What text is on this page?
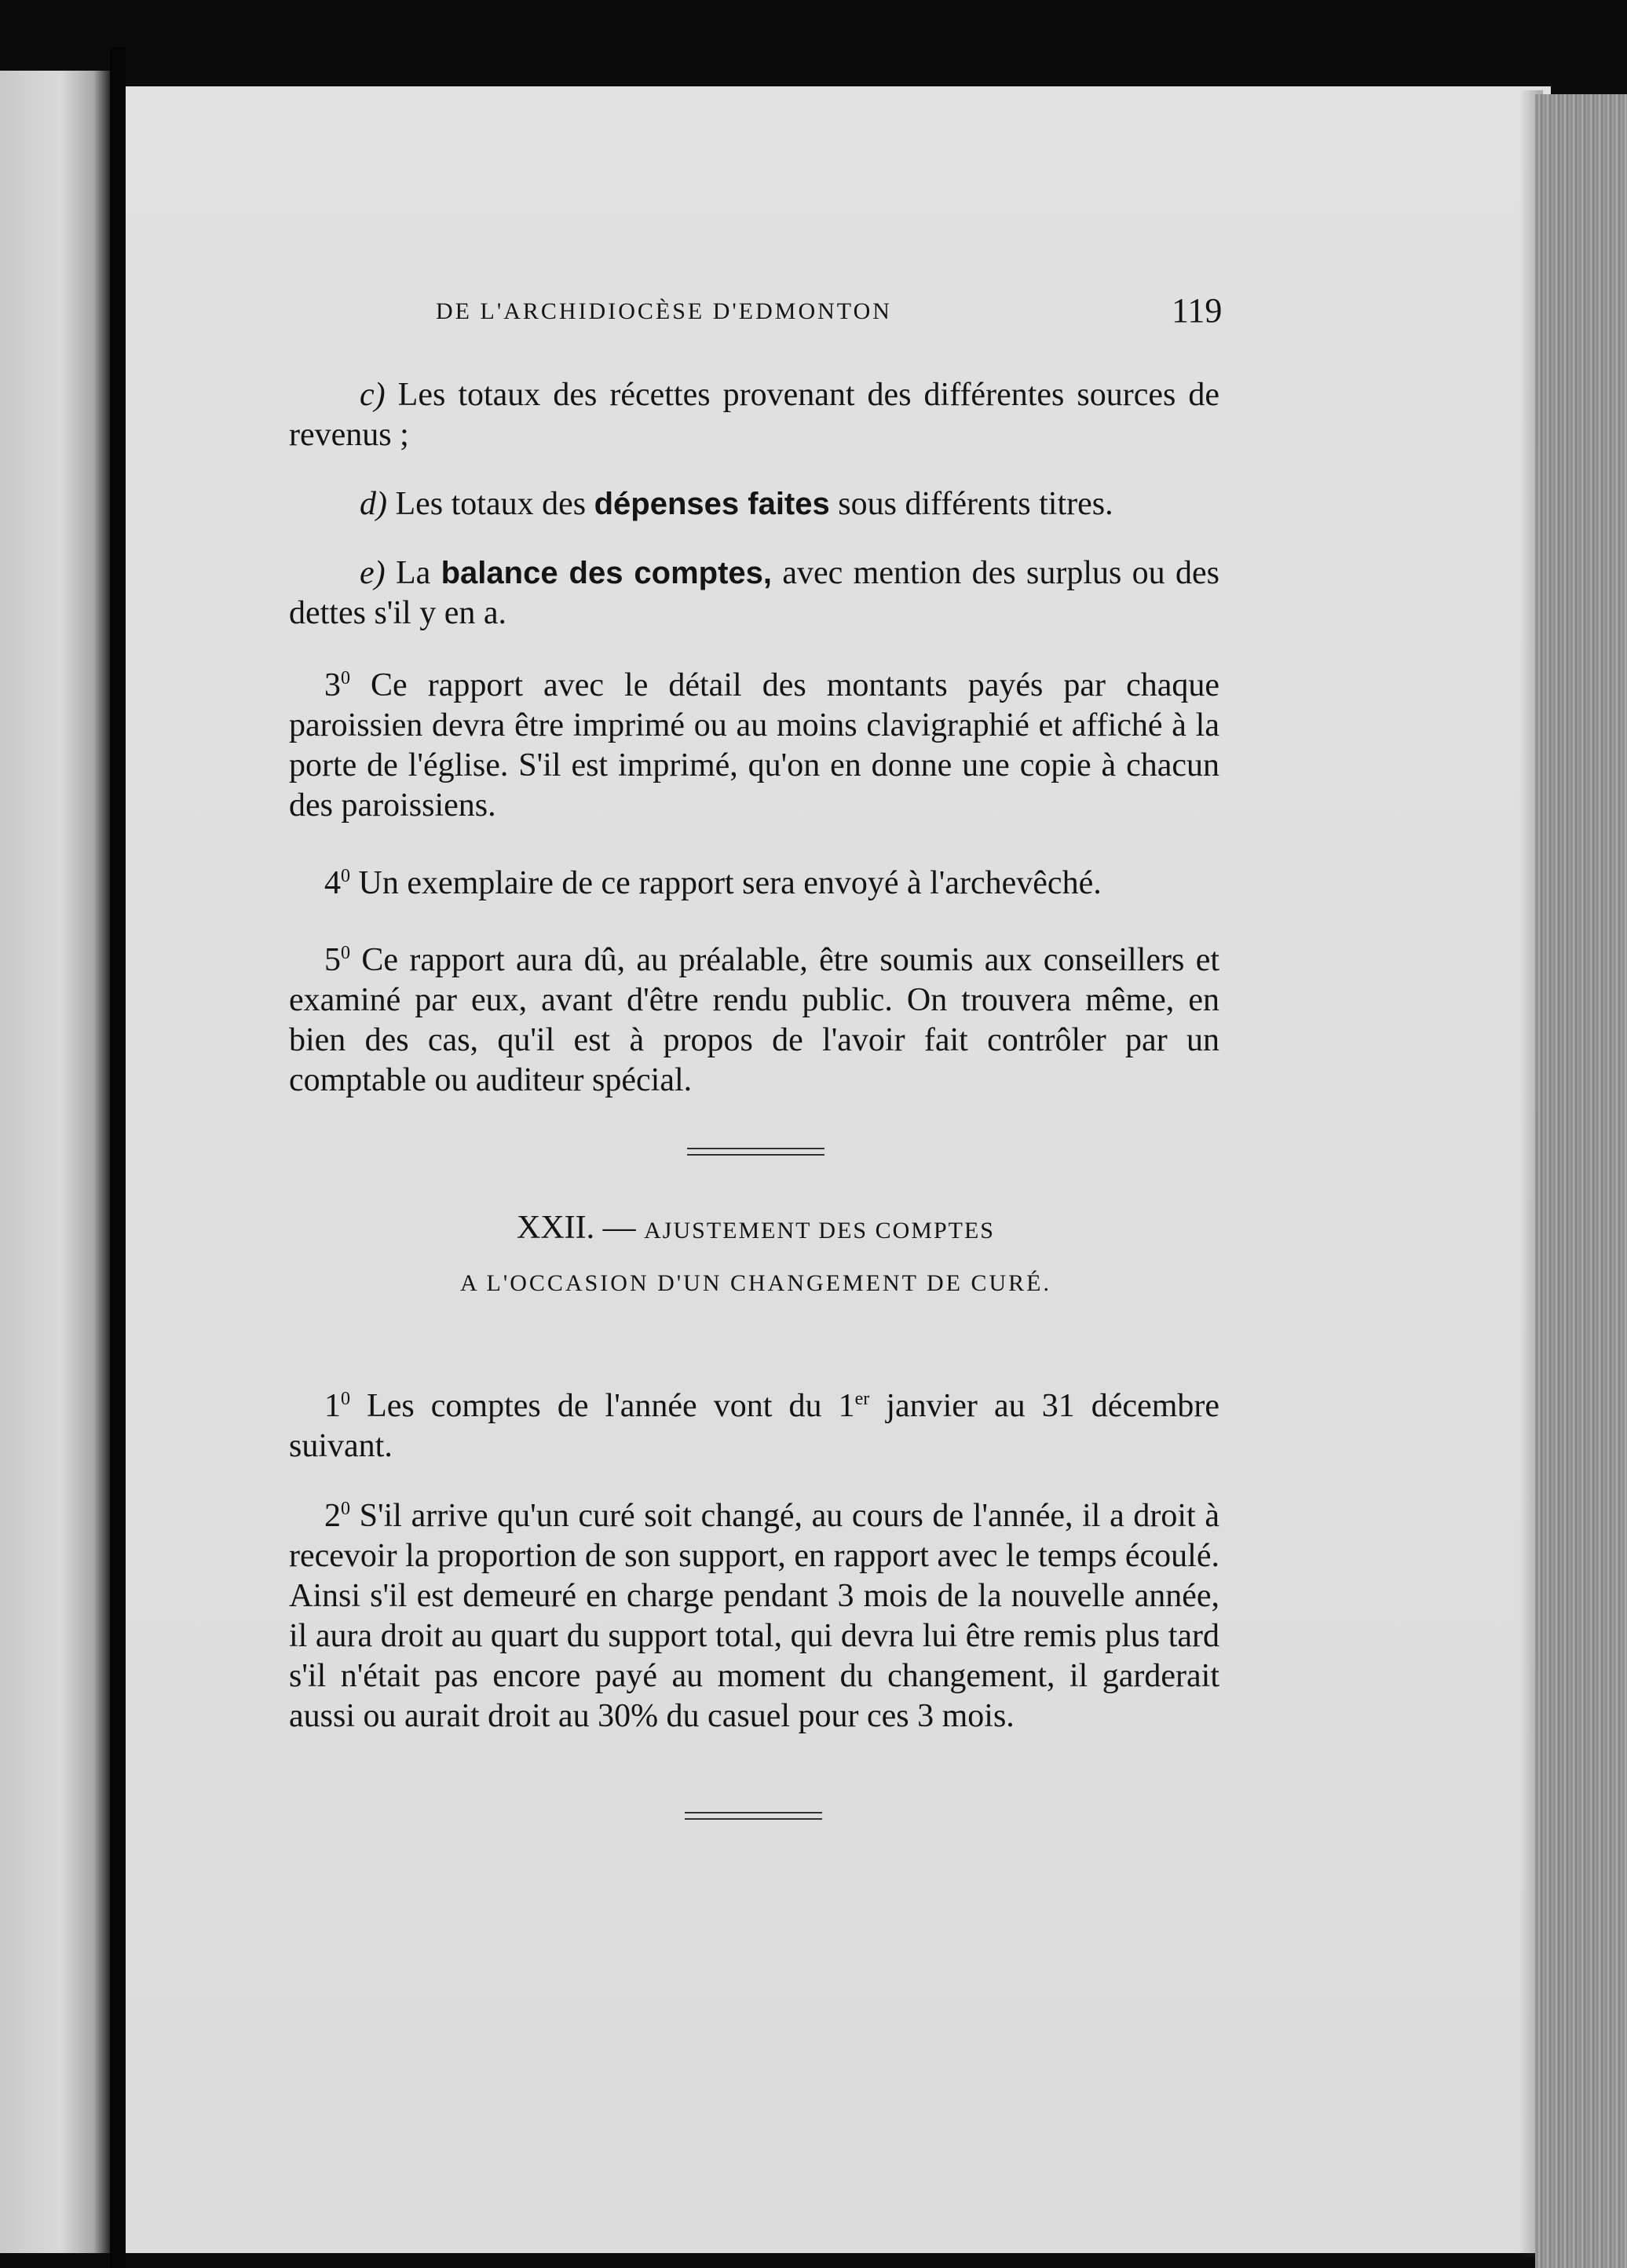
DE L'ARCHIDIOCÈSE D'EDMONTON	119
c) Les totaux des récettes provenant des différentes sources de revenus ;
d) Les totaux des dépenses faites sous différents titres.
e) La balance des comptes, avec mention des surplus ou des dettes s'il y en a.
$3^0$ Ce rapport avec le détail des montants payés par chaque paroissien devra être imprimé ou au moins clavigraphié et affiché à la porte de l'église. S'il est imprimé, qu'on en donne une copie à chacun des paroissiens.
$4^0$ Un exemplaire de ce rapport sera envoyé à l'archevêché.
$5^0$ Ce rapport aura dû, au préalable, être soumis aux conseillers et examiné par eux, avant d'être rendu public. On trouvera même, en bien des cas, qu'il est à propos de l'avoir fait contrôler par un comptable ou auditeur spécial.
XXII. — AJUSTEMENT DES COMPTES
A L'OCCASION D'UN CHANGEMENT DE CURÉ.
$1^0$ Les comptes de l'année vont du 1er janvier au 31 décembre suivant.
$2^0$ S'il arrive qu'un curé soit changé, au cours de l'année, il a droit à recevoir la proportion de son support, en rapport avec le temps écoulé. Ainsi s'il est demeuré en charge pendant 3 mois de la nouvelle année, il aura droit au quart du support total, qui devra lui être remis plus tard s'il n'était pas encore payé au moment du changement, il garderait aussi ou aurait droit au 30% du casuel pour ces 3 mois.
